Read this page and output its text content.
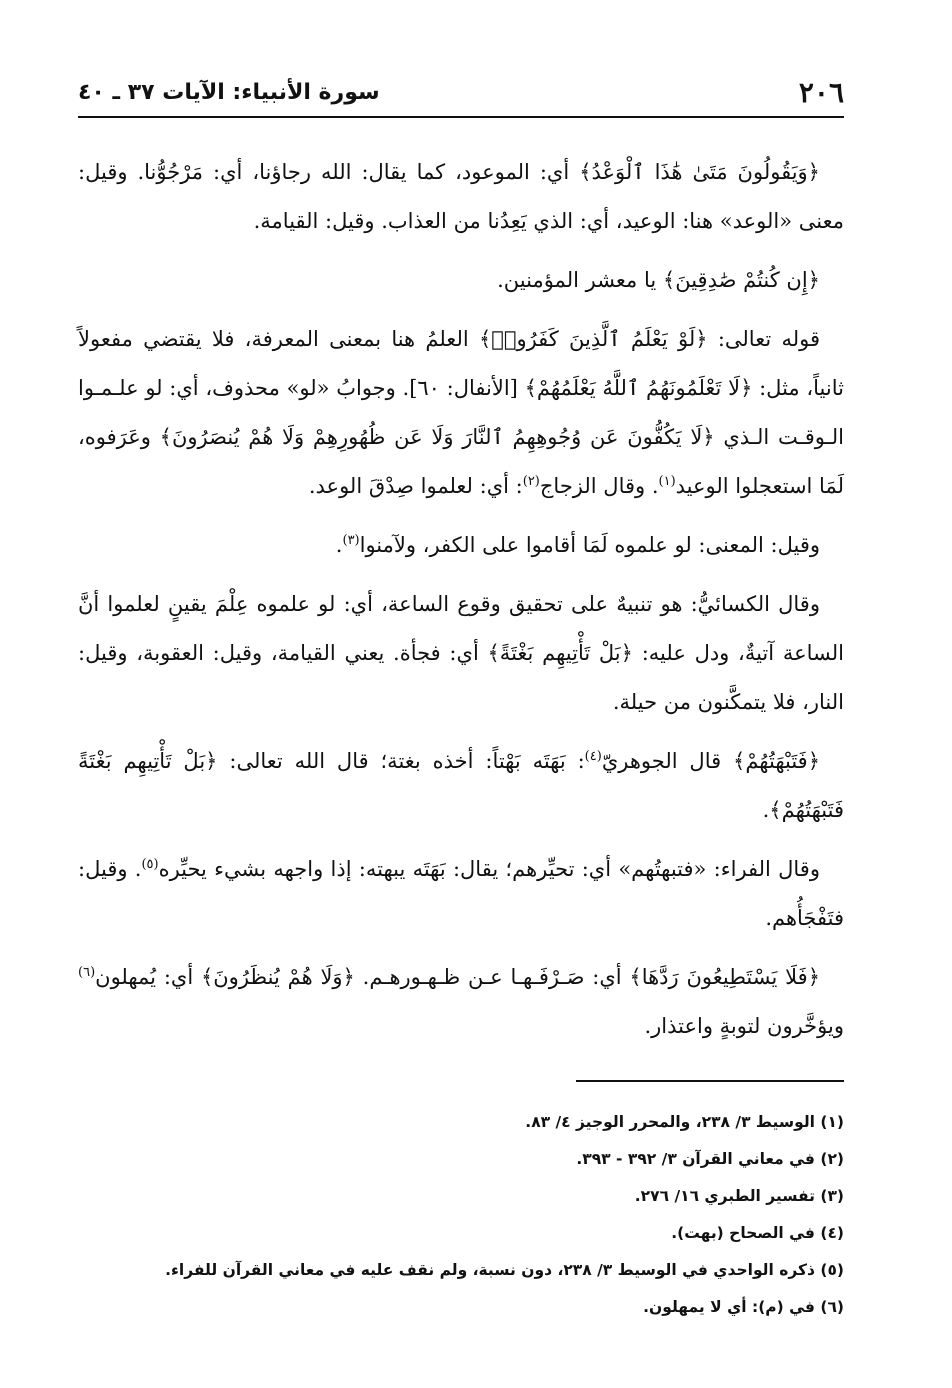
٢٠٦
سورة الأنبياء: الآيات ٣٧ ـ ٤٠

﴿وَيَقُولُونَ مَتَىٰ هَٰذَا ٱلْوَعْدُ﴾ أي: الموعود، كما يقال: الله رجاؤنا، أي: مَرْجُوُّنا. وقيل: معنى «الوعد» هنا: الوعيد، أي: الذي يَعِدُنا من العذاب. وقيل: القيامة.

﴿إِن كُنتُمْ صَٰدِقِينَ﴾ يا معشر المؤمنين.

قوله تعالى: ﴿لَوْ يَعْلَمُ ٱلَّذِينَ كَفَرُوا۟﴾ العلمُ هنا بمعنى المعرفة، فلا يقتضي مفعولاً ثانياً، مثل: ﴿لَا تَعْلَمُونَهُمُ ٱللَّهُ يَعْلَمُهُمْ﴾ [الأنفال: ٦٠]. وجوابُ «لو» محذوف، أي: لو علـمـوا الـوقـت الـذي ﴿لَا يَكُفُّونَ عَن وُجُوهِهِمُ ٱلنَّارَ وَلَا عَن ظُهُورِهِمْ وَلَا هُمْ يُنصَرُونَ﴾ وعَرَفوه، لَمَا استعجلوا الوعيد$^{(١)}$. وقال الزجاج$^{(٢)}$: أي: لعلموا صِدْقَ الوعد.

وقيل: المعنى: لو علموه لَمَا أقاموا على الكفر، ولآمنوا$^{(٣)}$.

وقال الكسائيُّ: هو تنبيهٌ على تحقيق وقوع الساعة، أي: لو علموه عِلْمَ يقينٍ لعلموا أنَّ الساعة آتيةٌ، ودل عليه: ﴿بَلْ تَأْتِيهِم بَغْتَةً﴾ أي: فجأة. يعني القيامة، وقيل: العقوبة، وقيل: النار، فلا يتمكَّنون من حيلة.

﴿فَتَبْهَتُهُمْ﴾ قال الجوهريّ$^{(٤)}$: بَهَتَه بَهْتاً: أخذه بغتة؛ قال الله تعالى: ﴿بَلْ تَأْتِيهِم بَغْتَةً فَتَبْهَتُهُمْ﴾.

وقال الفراء: «فتبهتُهم» أي: تحيِّرهم؛ يقال: بَهَتَه يبهته: إذا واجهه بشيء يحيِّره$^{(٥)}$. وقيل: فتَفْجَأُهم.

﴿فَلَا يَسْتَطِيعُونَ رَدَّهَا﴾ أي: صَـرْفَـهـا عـن ظـهـورهـم. ﴿وَلَا هُمْ يُنظَرُونَ﴾ أي: يُمهلون$^{(٦)}$ ويؤخَّرون لتوبةٍ واعتذار.

(١) الوسيط ٣/ ٢٣٨، والمحرر الوجيز ٤/ ٨٣.
(٢) في معاني القرآن ٣/ ٣٩٢ - ٣٩٣.
(٣) تفسير الطبري ١٦/ ٢٧٦.
(٤) في الصحاح (بهت).
(٥) ذكره الواحدي في الوسيط ٣/ ٢٣٨، دون نسبة، ولم نقف عليه في معاني القرآن للفراء.
(٦) في (م): أي لا يمهلون.
